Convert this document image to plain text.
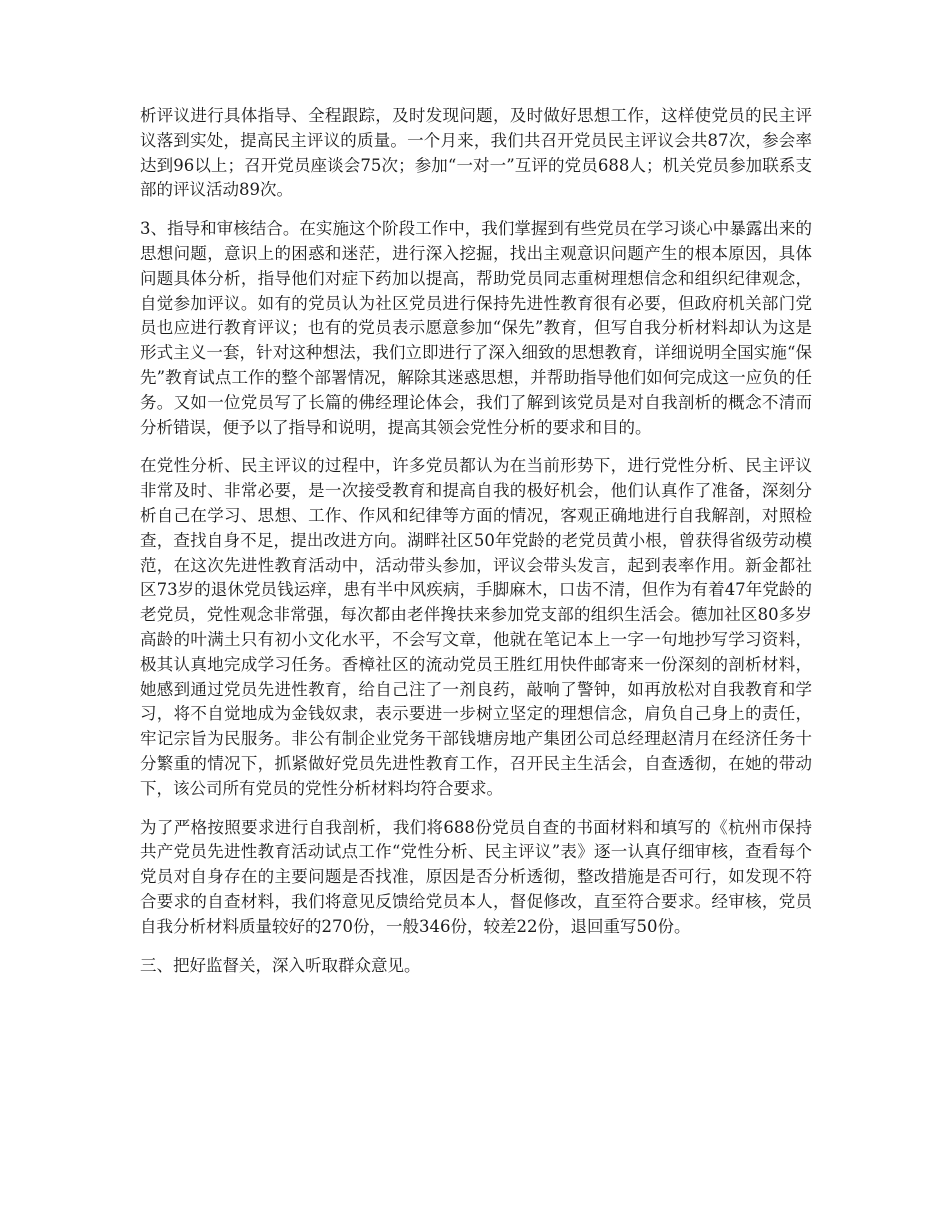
析评议进行具体指导、全程跟踪，及时发现问题，及时做好思想工作，这样使党员的民主评议落到实处，提高民主评议的质量。一个月来，我们共召开党员民主评议会共87次，参会率达到96以上；召开党员座谈会75次；参加“一对一”互评的党员688人；机关党员参加联系支部的评议活动89次。

3、指导和审核结合。在实施这个阶段工作中，我们掌握到有些党员在学习谈心中暴露出来的思想问题，意识上的困惑和迷茫，进行深入挖掘，找出主观意识问题产生的根本原因，具体问题具体分析，指导他们对症下药加以提高，帮助党员同志重树理想信念和组织纪律观念，自觉参加评议。如有的党员认为社区党员进行保持先进性教育很有必要，但政府机关部门党员也应进行教育评议；也有的党员表示愿意参加“保先”教育，但写自我分析材料却认为这是形式主义一套，针对这种想法，我们立即进行了深入细致的思想教育，详细说明全国实施“保先”教育试点工作的整个部署情况，解除其迷惑思想，并帮助指导他们如何完成这一应负的任务。又如一位党员写了长篇的佛经理论体会，我们了解到该党员是对自我剖析的概念不清而分析错误，便予以了指导和说明，提高其领会党性分析的要求和目的。

在党性分析、民主评议的过程中，许多党员都认为在当前形势下，进行党性分析、民主评议非常及时、非常必要，是一次接受教育和提高自我的极好机会，他们认真作了准备，深刻分析自己在学习、思想、工作、作风和纪律等方面的情况，客观正确地进行自我解剖，对照检查，查找自身不足，提出改进方向。湖畔社区50年党龄的老党员黄小根，曾获得省级劳动模范，在这次先进性教育活动中，活动带头参加，评议会带头发言，起到表率作用。新金都社区73岁的退休党员钱运痒，患有半中风疾病，手脚麻木，口齿不清，但作为有着47年党龄的老党员，党性观念非常强，每次都由老伴搀扶来参加党支部的组织生活会。德加社区80多岁高龄的叶满土只有初小文化水平，不会写文章，他就在笔记本上一字一句地抄写学习资料，极其认真地完成学习任务。香樟社区的流动党员王胜红用快件邮寄来一份深刻的剖析材料，她感到通过党员先进性教育，给自己注了一剂良药，敲响了警钟，如再放松对自我教育和学习，将不自觉地成为金钱奴隶，表示要进一步树立坚定的理想信念，肩负自己身上的责任，牢记宗旨为民服务。非公有制企业党务干部钱塘房地产集团公司总经理赵清月在经济任务十分繁重的情况下，抓紧做好党员先进性教育工作，召开民主生活会，自查透彻，在她的带动下，该公司所有党员的党性分析材料均符合要求。

为了严格按照要求进行自我剖析，我们将688份党员自查的书面材料和填写的《杭州市保持共产党员先进性教育活动试点工作“党性分析、民主评议”表》逐一认真仔细审核，查看每个党员对自身存在的主要问题是否找准，原因是否分析透彻，整改措施是否可行，如发现不符合要求的自查材料，我们将意见反馈给党员本人，督促修改，直至符合要求。经审核，党员自我分析材料质量较好的270份，一般346份，较差22份，退回重写50份。

三、把好监督关，深入听取群众意见。
